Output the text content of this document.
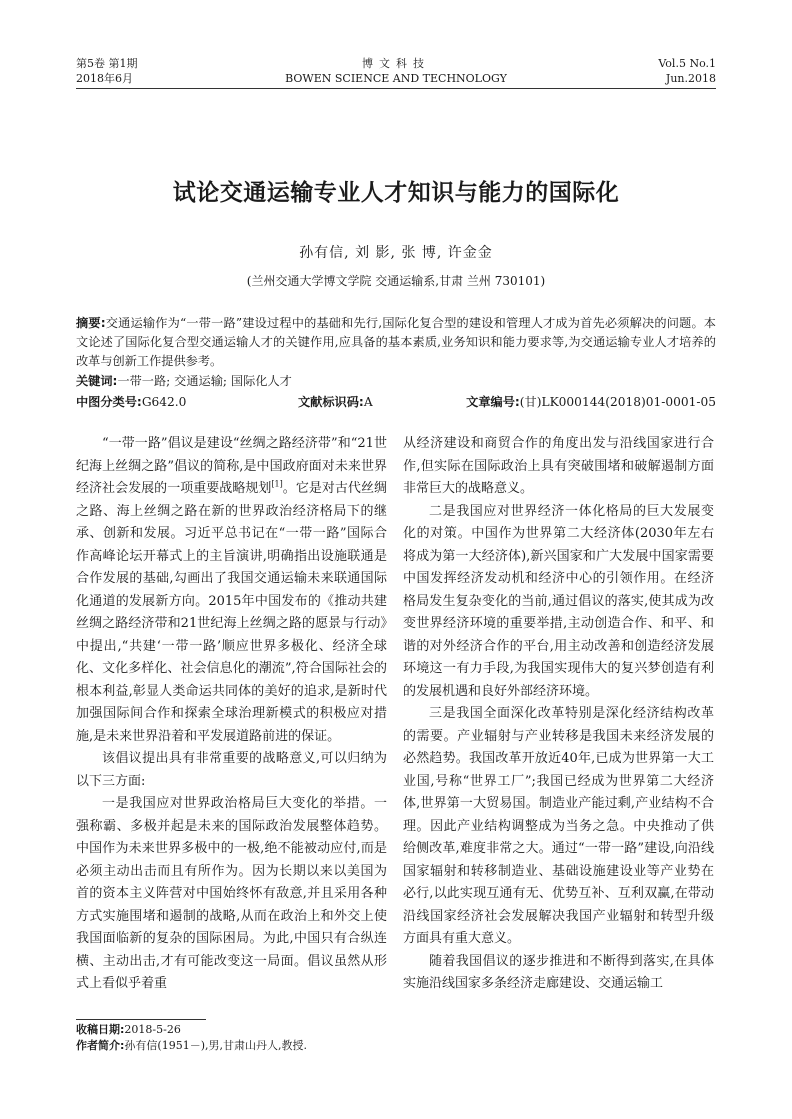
第5卷 第1期
2018年6月
博文科技
BOWEN SCIENCE AND TECHNOLOGY
Vol.5 No.1
Jun.2018
试论交通运输专业人才知识与能力的国际化
孙有信, 刘 影, 张 博, 许金金
(兰州交通大学博文学院 交通运输系,甘肃 兰州 730101)
摘要:交通运输作为“一带一路”建设过程中的基础和先行,国际化复合型的建设和管理人才成为首先必须解决的问题。本文论述了国际化复合型交通运输人才的关键作用,应具备的基本素质,业务知识和能力要求等,为交通运输专业人才培养的改革与创新工作提供参考。
关键词:一带一路; 交通运输; 国际化人才
中图分类号:G642.0	文献标识码:A	文章编号:(甘)LK000144(2018)01-0001-05

“一带一路”倡议是建设“丝绸之路经济带”和“21世纪海上丝绸之路”倡议的简称,是中国政府面对未来世界经济社会发展的一项重要战略规划[1]。它是对古代丝绸之路、海上丝绸之路在新的世界政治经济格局下的继承、创新和发展。习近平总书记在“一带一路”国际合作高峰论坛开幕式上的主旨演讲,明确指出设施联通是合作发展的基础,勾画出了我国交通运输未来联通国际化通道的发展新方向。2015年中国发布的《推动共建丝绸之路经济带和21世纪海上丝绸之路的愿景与行动》中提出,“共建‘一带一路’顺应世界多极化、经济全球化、文化多样化、社会信息化的潮流”,符合国际社会的根本利益,彰显人类命运共同体的美好的追求,是新时代加强国际间合作和探索全球治理新模式的积极应对措施,是未来世界沿着和平发展道路前进的保证。

该倡议提出具有非常重要的战略意义,可以归纳为以下三方面:

一是我国应对世界政治格局巨大变化的举措。一强称霸、多极并起是未来的国际政治发展整体趋势。中国作为未来世界多极中的一极,绝不能被动应付,而是必须主动出击而且有所作为。因为长期以来以美国为首的资本主义阵营对中国始终怀有敌意,并且采用各种方式实施围堵和遏制的战略,从而在政治上和外交上使我国面临新的复杂的国际困局。为此,中国只有合纵连横、主动出击,才有可能改变这一局面。倡议虽然从形式上看似乎着重

从经济建设和商贸合作的角度出发与沿线国家进行合作,但实际在国际政治上具有突破围堵和破解遏制方面非常巨大的战略意义。

二是我国应对世界经济一体化格局的巨大发展变化的对策。中国作为世界第二大经济体(2030年左右将成为第一大经济体),新兴国家和广大发展中国家需要中国发挥经济发动机和经济中心的引领作用。在经济格局发生复杂变化的当前,通过倡议的落实,使其成为改变世界经济环境的重要举措,主动创造合作、和平、和谐的对外经济合作的平台,用主动改善和创造经济发展环境这一有力手段,为我国实现伟大的复兴梦创造有利的发展机遇和良好外部经济环境。

三是我国全面深化改革特别是深化经济结构改革的需要。产业辐射与产业转移是我国未来经济发展的必然趋势。我国改革开放近40年,已成为世界第一大工业国,号称“世界工厂”;我国已经成为世界第二大经济体,世界第一大贸易国。制造业产能过剩,产业结构不合理。因此产业结构调整成为当务之急。中央推动了供给侧改革,难度非常之大。通过“一带一路”建设,向沿线国家辐射和转移制造业、基础设施建设业等产业势在必行,以此实现互通有无、优势互补、互利双赢,在带动沿线国家经济社会发展解决我国产业辐射和转型升级方面具有重大意义。

随着我国倡议的逐步推进和不断得到落实,在具体实施沿线国家多条经济走廊建设、交通运输工

收稿日期:2018-5-26
作者简介:孙有信(1951－),男,甘肃山丹人,教授.
